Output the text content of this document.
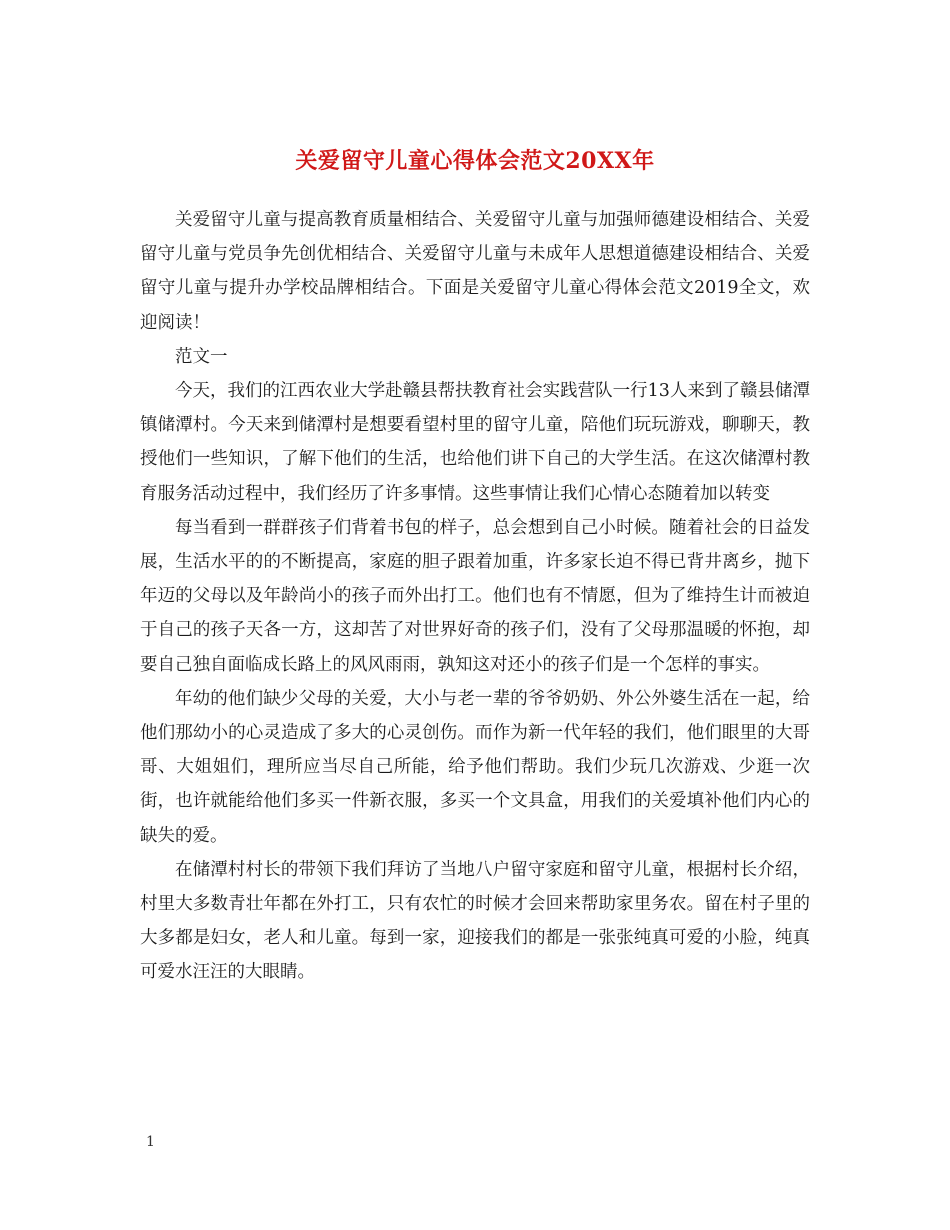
关爱留守儿童心得体会范文20XX年

关爱留守儿童与提高教育质量相结合、关爱留守儿童与加强师德建设相结合、关爱留守儿童与党员争先创优相结合、关爱留守儿童与未成年人思想道德建设相结合、关爱留守儿童与提升办学校品牌相结合。下面是关爱留守儿童心得体会范文2019全文，欢迎阅读！

范文一

今天，我们的江西农业大学赴赣县帮扶教育社会实践营队一行13人来到了赣县储潭镇储潭村。今天来到储潭村是想要看望村里的留守儿童，陪他们玩玩游戏，聊聊天，教授他们一些知识，了解下他们的生活，也给他们讲下自己的大学生活。在这次储潭村教育服务活动过程中，我们经历了许多事情。这些事情让我们心情心态随着加以转变

每当看到一群群孩子们背着书包的样子，总会想到自己小时候。随着社会的日益发展，生活水平的的不断提高，家庭的胆子跟着加重，许多家长迫不得已背井离乡，抛下年迈的父母以及年龄尚小的孩子而外出打工。他们也有不情愿，但为了维持生计而被迫于自己的孩子天各一方，这却苦了对世界好奇的孩子们，没有了父母那温暖的怀抱，却要自己独自面临成长路上的风风雨雨，孰知这对还小的孩子们是一个怎样的事实。

年幼的他们缺少父母的关爱，大小与老一辈的爷爷奶奶、外公外婆生活在一起，给他们那幼小的心灵造成了多大的心灵创伤。而作为新一代年轻的我们，他们眼里的大哥哥、大姐姐们，理所应当尽自己所能，给予他们帮助。我们少玩几次游戏、少逛一次街，也许就能给他们多买一件新衣服，多买一个文具盒，用我们的关爱填补他们内心的缺失的爱。

在储潭村村长的带领下我们拜访了当地八户留守家庭和留守儿童，根据村长介绍，村里大多数青壮年都在外打工，只有农忙的时候才会回来帮助家里务农。留在村子里的大多都是妇女，老人和儿童。每到一家，迎接我们的都是一张张纯真可爱的小脸，纯真可爱水汪汪的大眼睛。

1
